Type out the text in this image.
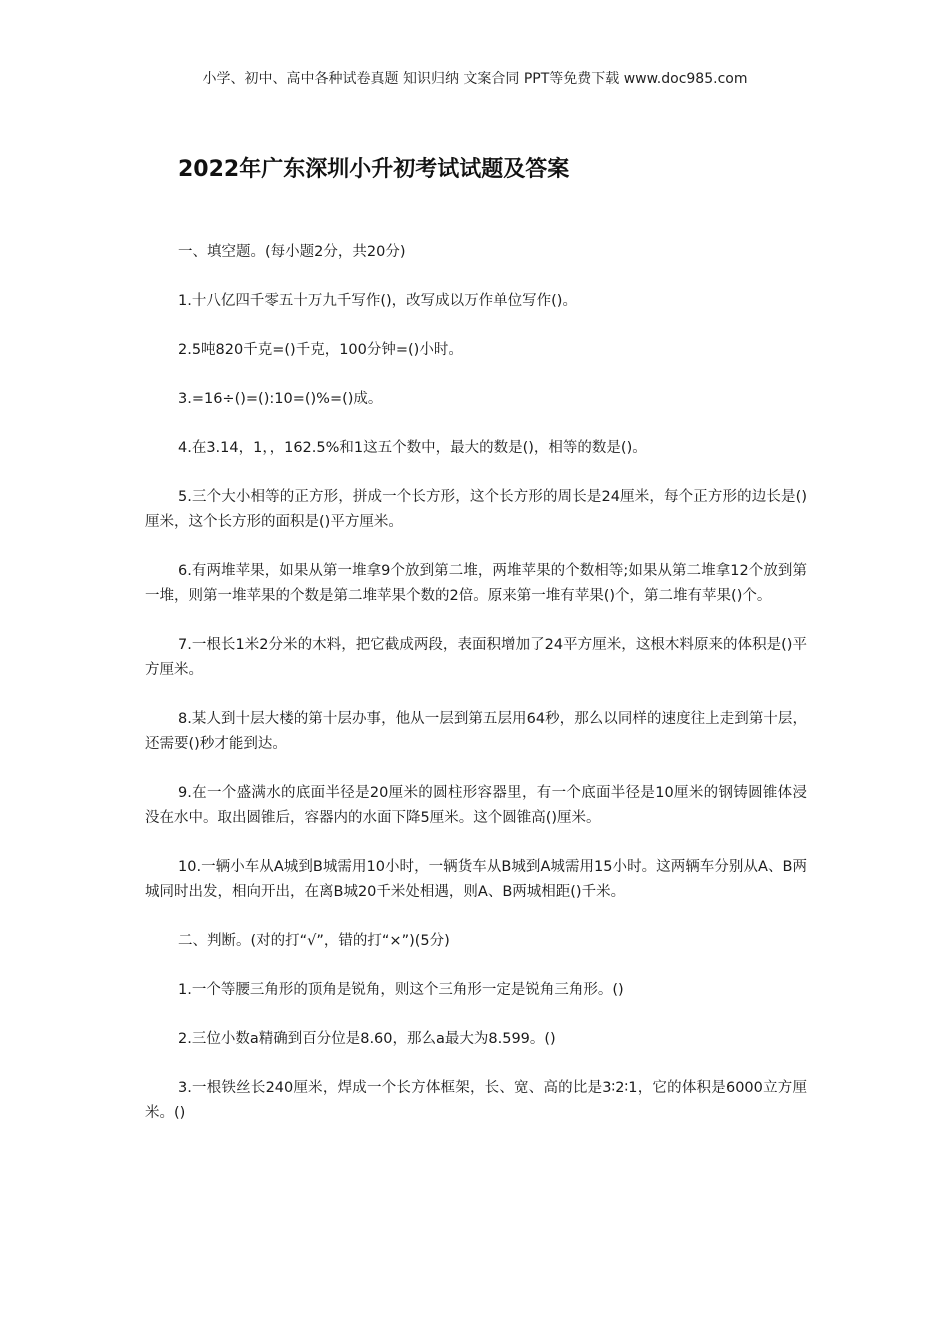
小学、初中、高中各种试卷真题 知识归纳 文案合同 PPT等免费下载 www.doc985.com
2022年广东深圳小升初考试试题及答案

一、填空题。(每小题2分，共20分)

1.十八亿四千零五十万九千写作()，改写成以万作单位写作()。

2.5吨820千克=()千克，100分钟=()小时。

3.=16÷()=():10=()%=()成。

4.在3.14，1，，162.5%和1这五个数中，最大的数是()，相等的数是()。

5.三个大小相等的正方形，拼成一个长方形，这个长方形的周长是24厘米，每个正方形的边长是()厘米，这个长方形的面积是()平方厘米。

6.有两堆苹果，如果从第一堆拿9个放到第二堆，两堆苹果的个数相等;如果从第二堆拿12个放到第一堆，则第一堆苹果的个数是第二堆苹果个数的2倍。原来第一堆有苹果()个，第二堆有苹果()个。

7.一根长1米2分米的木料，把它截成两段，表面积增加了24平方厘米，这根木料原来的体积是()平方厘米。

8.某人到十层大楼的第十层办事，他从一层到第五层用64秒，那么以同样的速度往上走到第十层，还需要()秒才能到达。

9.在一个盛满水的底面半径是20厘米的圆柱形容器里，有一个底面半径是10厘米的钢铸圆锥体浸没在水中。取出圆锥后，容器内的水面下降5厘米。这个圆锥高()厘米。

10.一辆小车从A城到B城需用10小时，一辆货车从B城到A城需用15小时。这两辆车分别从A、B两城同时出发，相向开出，在离B城20千米处相遇，则A、B两城相距()千米。

二、判断。(对的打“√”，错的打“×”)(5分)

1.一个等腰三角形的顶角是锐角，则这个三角形一定是锐角三角形。()

2.三位小数a精确到百分位是8.60，那么a最大为8.599。()

3.一根铁丝长240厘米，焊成一个长方体框架，长、宽、高的比是3∶2∶1，它的体积是6000立方厘米。()
